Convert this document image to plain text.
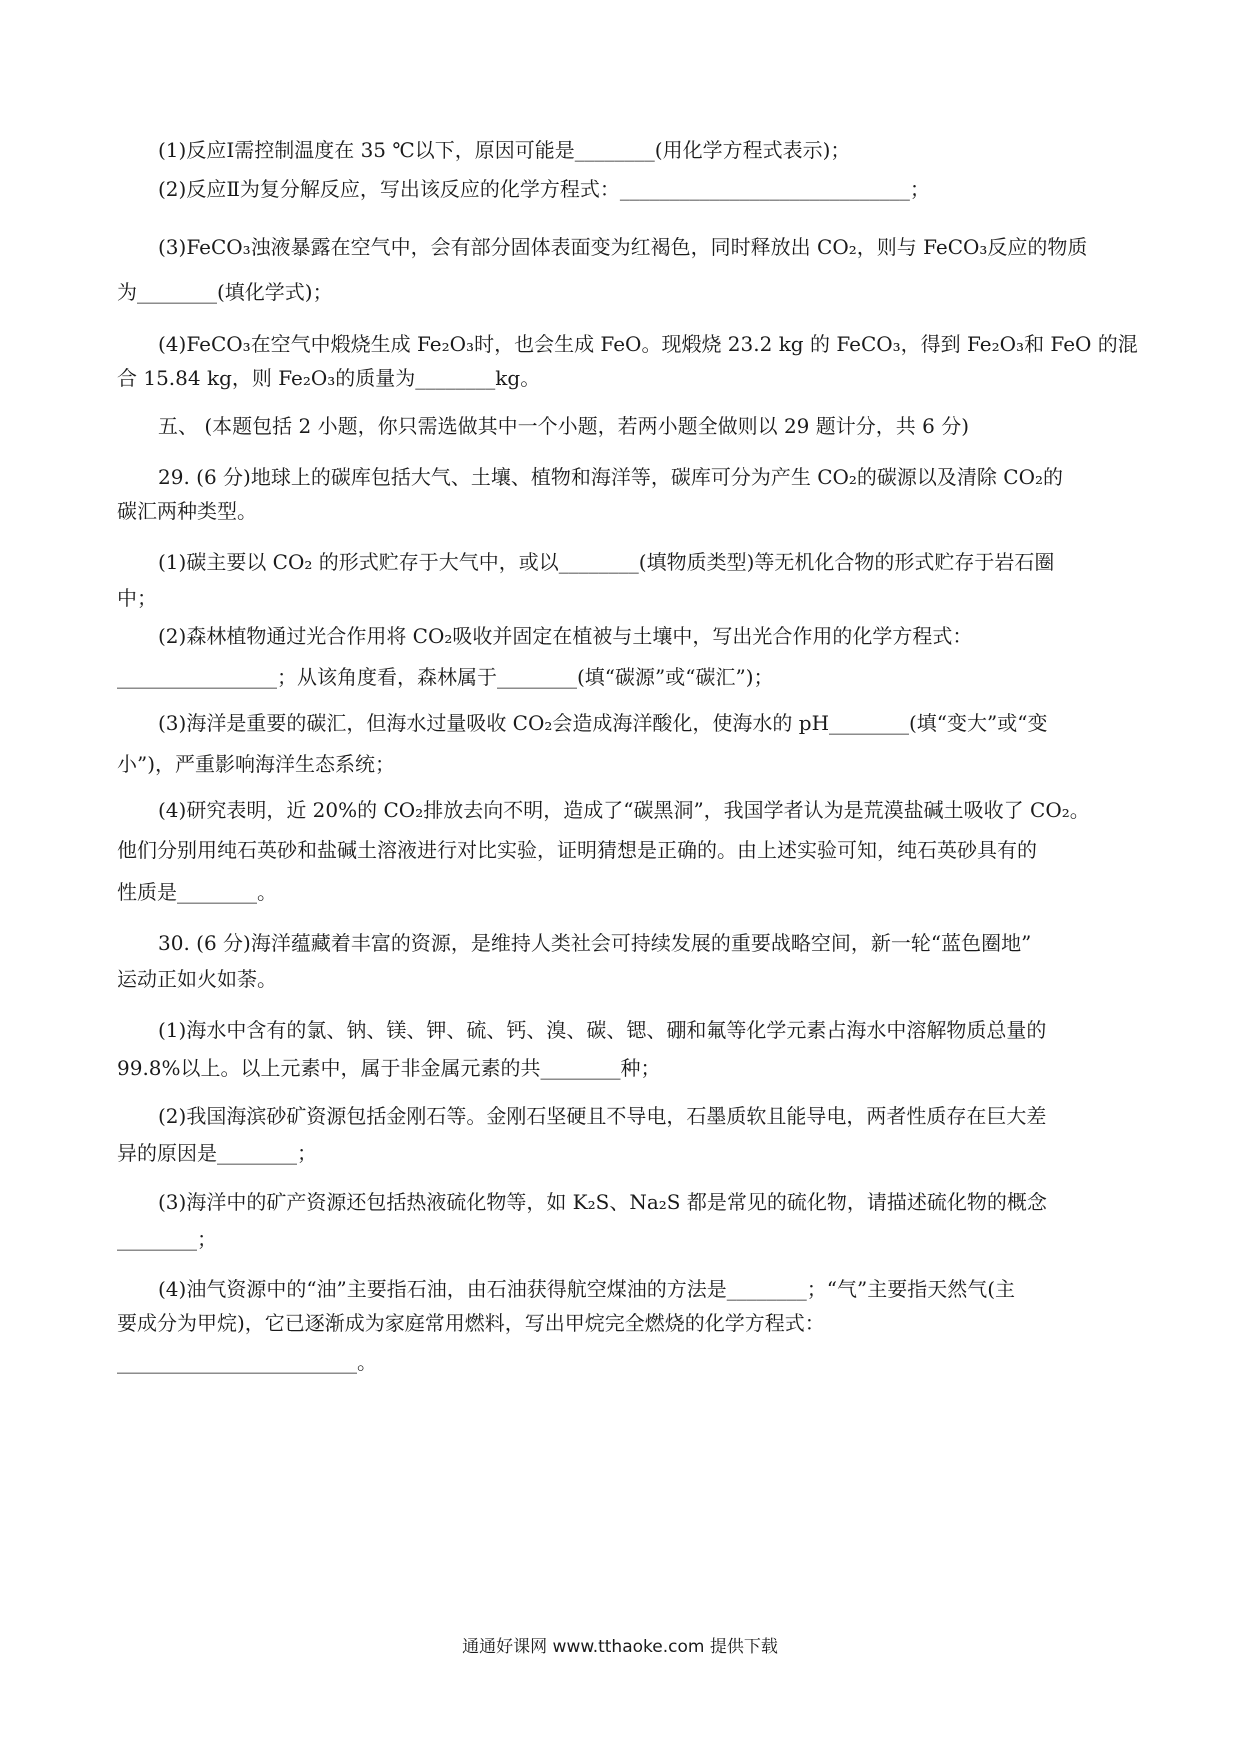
(1)反应Ⅰ需控制温度在 35 ℃以下，原因可能是________(用化学方程式表示)；
(2)反应Ⅱ为复分解反应，写出该反应的化学方程式：_____________________________；
(3)FeCO₃浊液暴露在空气中，会有部分固体表面变为红褐色，同时释放出 CO₂，则与 FeCO₃反应的物质
为________(填化学式)；
(4)FeCO₃在空气中煅烧生成 Fe₂O₃时，也会生成 FeO。现煅烧 23.2 kg 的 FeCO₃，得到 Fe₂O₃和 FeO 的混
合 15.84 kg，则 Fe₂O₃的质量为________kg。
五、 (本题包括 2 小题，你只需选做其中一个小题，若两小题全做则以 29 题计分，共 6 分)
29. (6 分)地球上的碳库包括大气、土壤、植物和海洋等，碳库可分为产生 CO₂的碳源以及清除 CO₂的
碳汇两种类型。
(1)碳主要以 CO₂ 的形式贮存于大气中，或以________(填物质类型)等无机化合物的形式贮存于岩石圈
中；
(2)森林植物通过光合作用将 CO₂吸收并固定在植被与土壤中，写出光合作用的化学方程式：
________________；从该角度看，森林属于________(填“碳源”或“碳汇”)；
(3)海洋是重要的碳汇，但海水过量吸收 CO₂会造成海洋酸化，使海水的 pH________(填“变大”或“变
小”)，严重影响海洋生态系统；
(4)研究表明，近 20%的 CO₂排放去向不明，造成了“碳黑洞”，我国学者认为是荒漠盐碱土吸收了 CO₂。
他们分别用纯石英砂和盐碱土溶液进行对比实验，证明猜想是正确的。由上述实验可知，纯石英砂具有的
性质是________。
30. (6 分)海洋蕴藏着丰富的资源，是维持人类社会可持续发展的重要战略空间，新一轮“蓝色圈地”
运动正如火如荼。
(1)海水中含有的氯、钠、镁、钾、硫、钙、溴、碳、锶、硼和氟等化学元素占海水中溶解物质总量的
99.8%以上。以上元素中，属于非金属元素的共________种；
(2)我国海滨砂矿资源包括金刚石等。金刚石坚硬且不导电，石墨质软且能导电，两者性质存在巨大差
异的原因是________；
(3)海洋中的矿产资源还包括热液硫化物等，如 K₂S、Na₂S 都是常见的硫化物，请描述硫化物的概念
________；
(4)油气资源中的“油”主要指石油，由石油获得航空煤油的方法是________；“气”主要指天然气(主
要成分为甲烷)，它已逐渐成为家庭常用燃料，写出甲烷完全燃烧的化学方程式：
________________________。
通通好课网 www.tthaoke.com 提供下载
